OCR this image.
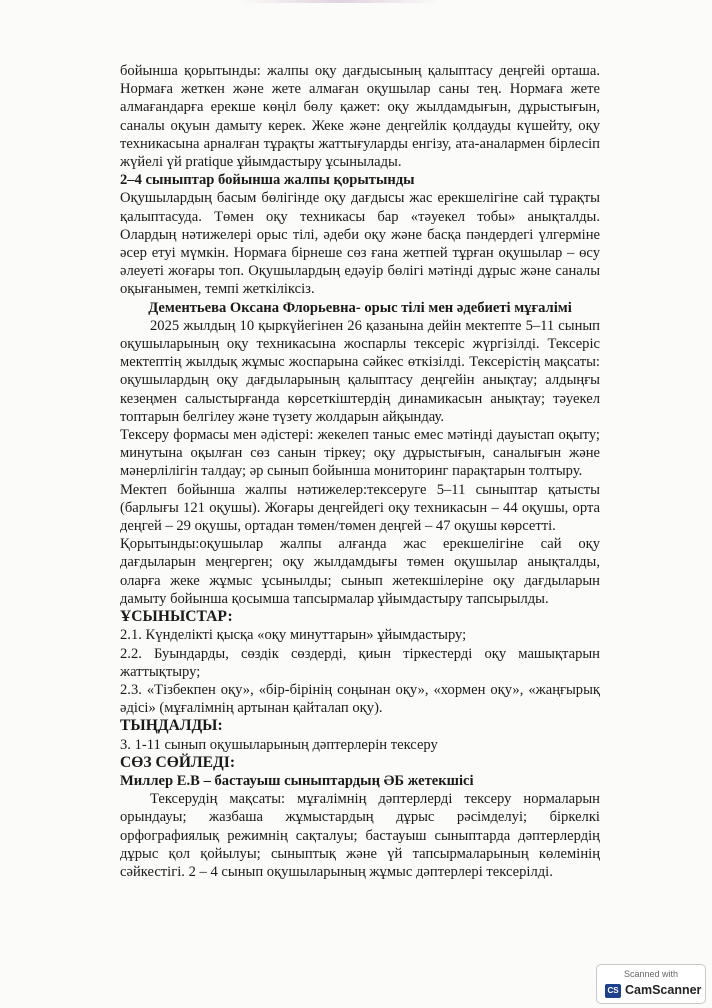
бойынша қорытынды: жалпы оқу дағдысының қалыптасу деңгейі орташа. Нормаға жеткен және жете алмаған оқушылар саны тең. Нормаға жете алмағандарға ерекше көңіл бөлу қажет: оқу жылдамдығын, дұрыстығын, саналы оқуын дамыту керек. Жеке және деңгейлік қолдауды күшейту, оқу техникасына арналған тұрақты жаттығуларды енгізу, ата-аналармен бірлесіп жүйелі үй pratique ұйымдастыру ұсынылады.

2–4 сыныптар бойынша жалпы қорытынды

Оқушылардың басым бөлігінде оқу дағдысы жас ерекшелігіне сай тұрақты қалыптасуда. Төмен оқу техникасы бар «тәуекел тобы» анықталды. Олардың нәтижелері орыс тілі, әдеби оқу және басқа пәндердегі үлгерміне әсер етуі мүмкін. Нормаға бірнеше сөз ғана жетпей тұрған оқушылар – өсу әлеуеті жоғары топ. Оқушылардың едәуір бөлігі мәтінді дұрыс және саналы оқығанымен, темпі жеткіліксіз.

Дементьева Оксана Флорьевна- орыс тілі мен әдебиеті мұғалімі

2025 жылдың 10 қыркүйегінен 26 қазанына дейін мектепте 5–11 сынып оқушыларының оқу техникасына жоспарлы тексеріс жүргізілді. Тексеріс мектептің жылдық жұмыс жоспарына сәйкес өткізілді. Тексерістің мақсаты: оқушылардың оқу дағдыларының қалыптасу деңгейін анықтау; алдыңғы кезеңмен салыстырғанда көрсеткіштердің динамикасын анықтау; тәуекел топтарын белгілеу және түзету жолдарын айқындау.

Тексеру формасы мен әдістері: жекелеп таныс емес мәтінді дауыстап оқыту; минутына оқылған сөз санын тіркеу; оқу дұрыстығын, саналығын және мәнерлілігін талдау; әр сынып бойынша мониторинг парақтарын толтыру.

Мектеп бойынша жалпы нәтижелер:тексеруге 5–11 сыныптар қатысты (барлығы 121 оқушы). Жоғары деңгейдегі оқу техникасын – 44 оқушы, орта деңгей – 29 оқушы, ортадан төмен/төмен деңгей – 47 оқушы көрсетті.

Қорытынды:оқушылар жалпы алғанда жас ерекшелігіне сай оқу дағдыларын меңгерген; оқу жылдамдығы төмен оқушылар анықталды, оларға жеке жұмыс ұсынылды; сынып жетекшілеріне оқу дағдыларын дамыту бойынша қосымша тапсырмалар ұйымдастыру тапсырылды.

ҰСЫНЫСТАР:

2.1. Күнделікті қысқа «оқу минуттарын» ұйымдастыру;

2.2. Буындарды, сөздік сөздерді, қиын тіркестерді оқу машықтарын жаттықтыру;

2.3. «Тізбекпен оқу», «бір-бірінің соңынан оқу», «хормен оқу», «жаңғырық әдісі» (мұғалімнің артынан қайталап оқу).

ТЫҢДАЛДЫ:

3. 1-11 сынып оқушыларының дәптерлерін тексеру

СӨЗ СӨЙЛЕДІ:

Миллер Е.В – бастауыш сыныптардың ӘБ жетекшісі

Тексерудің мақсаты: мұғалімнің дәптерлерді тексеру нормаларын орындауы; жазбаша жұмыстардың дұрыс рәсімделуі; біркелкі орфографиялық режимнің сақталуы; бастауыш сыныптарда дәптерлердің дұрыс қол қойылуы; сыныптық және үй тапсырмаларының көлемінің сәйкестігі. 2 – 4 сынып оқушыларының жұмыс дәптерлері тексерілді.

Scanned with
CS CamScanner
